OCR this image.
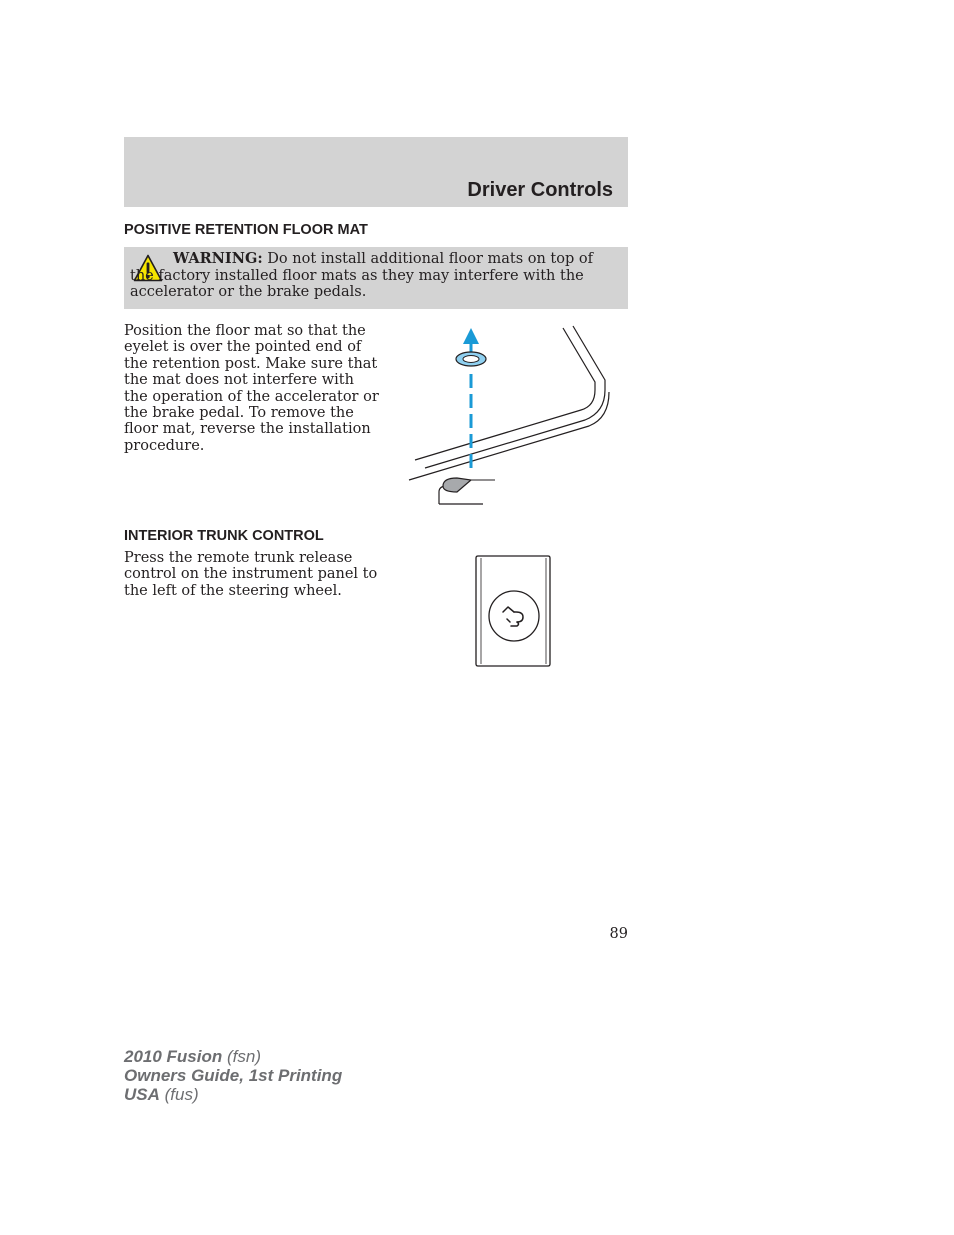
Driver Controls
POSITIVE RETENTION FLOOR MAT
WARNING: Do not install additional floor mats on top of the factory installed floor mats as they may interfere with the accelerator or the brake pedals.
Position the floor mat so that the eyelet is over the pointed end of the retention post. Make sure that the mat does not interfere with the operation of the accelerator or the brake pedal. To remove the floor mat, reverse the installation procedure.
INTERIOR TRUNK CONTROL
Press the remote trunk release control on the instrument panel to the left of the steering wheel.
89
2010 Fusion (fsn)
Owners Guide, 1st Printing
USA (fus)
